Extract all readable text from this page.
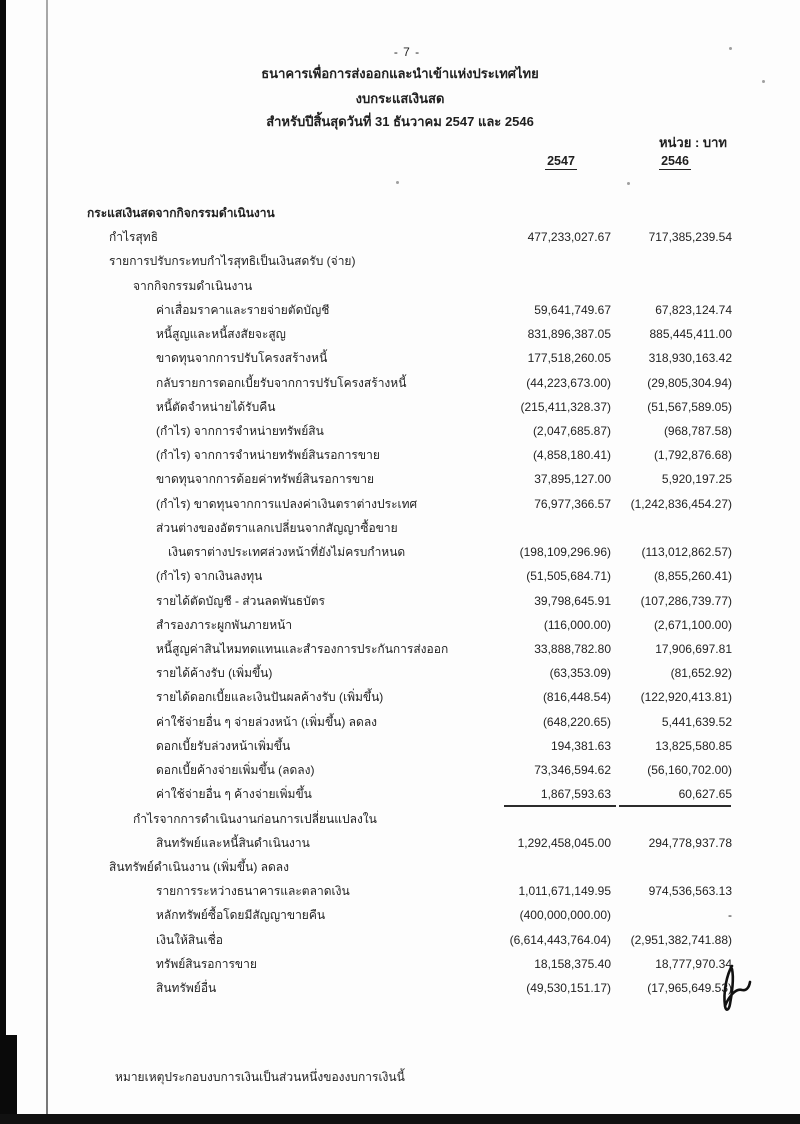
- 7 -
ธนาคารเพื่อการส่งออกและนำเข้าแห่งประเทศไทย
งบกระแสเงินสด
สำหรับปีสิ้นสุดวันที่ 31 ธันวาคม 2547 และ 2546
หน่วย : บาท
2547	2546
กระแสเงินสดจากกิจกรรมดำเนินงาน
กำไรสุทธิ	477,233,027.67	717,385,239.54
รายการปรับกระทบกำไรสุทธิเป็นเงินสดรับ (จ่าย)
จากกิจกรรมดำเนินงาน
ค่าเสื่อมราคาและรายจ่ายตัดบัญชี	59,641,749.67	67,823,124.74
หนี้สูญและหนี้สงสัยจะสูญ	831,896,387.05	885,445,411.00
ขาดทุนจากการปรับโครงสร้างหนี้	177,518,260.05	318,930,163.42
กลับรายการดอกเบี้ยรับจากการปรับโครงสร้างหนี้	(44,223,673.00)	(29,805,304.94)
หนี้ตัดจำหน่ายได้รับคืน	(215,411,328.37)	(51,567,589.05)
(กำไร) จากการจำหน่ายทรัพย์สิน	(2,047,685.87)	(968,787.58)
(กำไร) จากการจำหน่ายทรัพย์สินรอการขาย	(4,858,180.41)	(1,792,876.68)
ขาดทุนจากการด้อยค่าทรัพย์สินรอการขาย	37,895,127.00	5,920,197.25
(กำไร) ขาดทุนจากการแปลงค่าเงินตราต่างประเทศ	76,977,366.57	(1,242,836,454.27)
ส่วนต่างของอัตราแลกเปลี่ยนจากสัญญาซื้อขาย
เงินตราต่างประเทศล่วงหน้าที่ยังไม่ครบกำหนด	(198,109,296.96)	(113,012,862.57)
(กำไร) จากเงินลงทุน	(51,505,684.71)	(8,855,260.41)
รายได้ตัดบัญชี - ส่วนลดพันธบัตร	39,798,645.91	(107,286,739.77)
สำรองภาระผูกพันภายหน้า	(116,000.00)	(2,671,100.00)
หนี้สูญค่าสินไหมทดแทนและสำรองการประกันการส่งออก	33,888,782.80	17,906,697.81
รายได้ค้างรับ (เพิ่มขึ้น)	(63,353.09)	(81,652.92)
รายได้ดอกเบี้ยและเงินปันผลค้างรับ (เพิ่มขึ้น)	(816,448.54)	(122,920,413.81)
ค่าใช้จ่ายอื่น ๆ จ่ายล่วงหน้า (เพิ่มขึ้น) ลดลง	(648,220.65)	5,441,639.52
ดอกเบี้ยรับล่วงหน้าเพิ่มขึ้น	194,381.63	13,825,580.85
ดอกเบี้ยค้างจ่ายเพิ่มขึ้น (ลดลง)	73,346,594.62	(56,160,702.00)
ค่าใช้จ่ายอื่น ๆ ค้างจ่ายเพิ่มขึ้น	1,867,593.63	60,627.65
กำไรจากการดำเนินงานก่อนการเปลี่ยนแปลงใน
สินทรัพย์และหนี้สินดำเนินงาน	1,292,458,045.00	294,778,937.78
สินทรัพย์ดำเนินงาน (เพิ่มขึ้น) ลดลง
รายการระหว่างธนาคารและตลาดเงิน	1,011,671,149.95	974,536,563.13
หลักทรัพย์ซื้อโดยมีสัญญาขายคืน	(400,000,000.00)	-
เงินให้สินเชื่อ	(6,614,443,764.04)	(2,951,382,741.88)
ทรัพย์สินรอการขาย	18,158,375.40	18,777,970.34
สินทรัพย์อื่น	(49,530,151.17)	(17,965,649.53)
หมายเหตุประกอบงบการเงินเป็นส่วนหนึ่งของงบการเงินนี้
